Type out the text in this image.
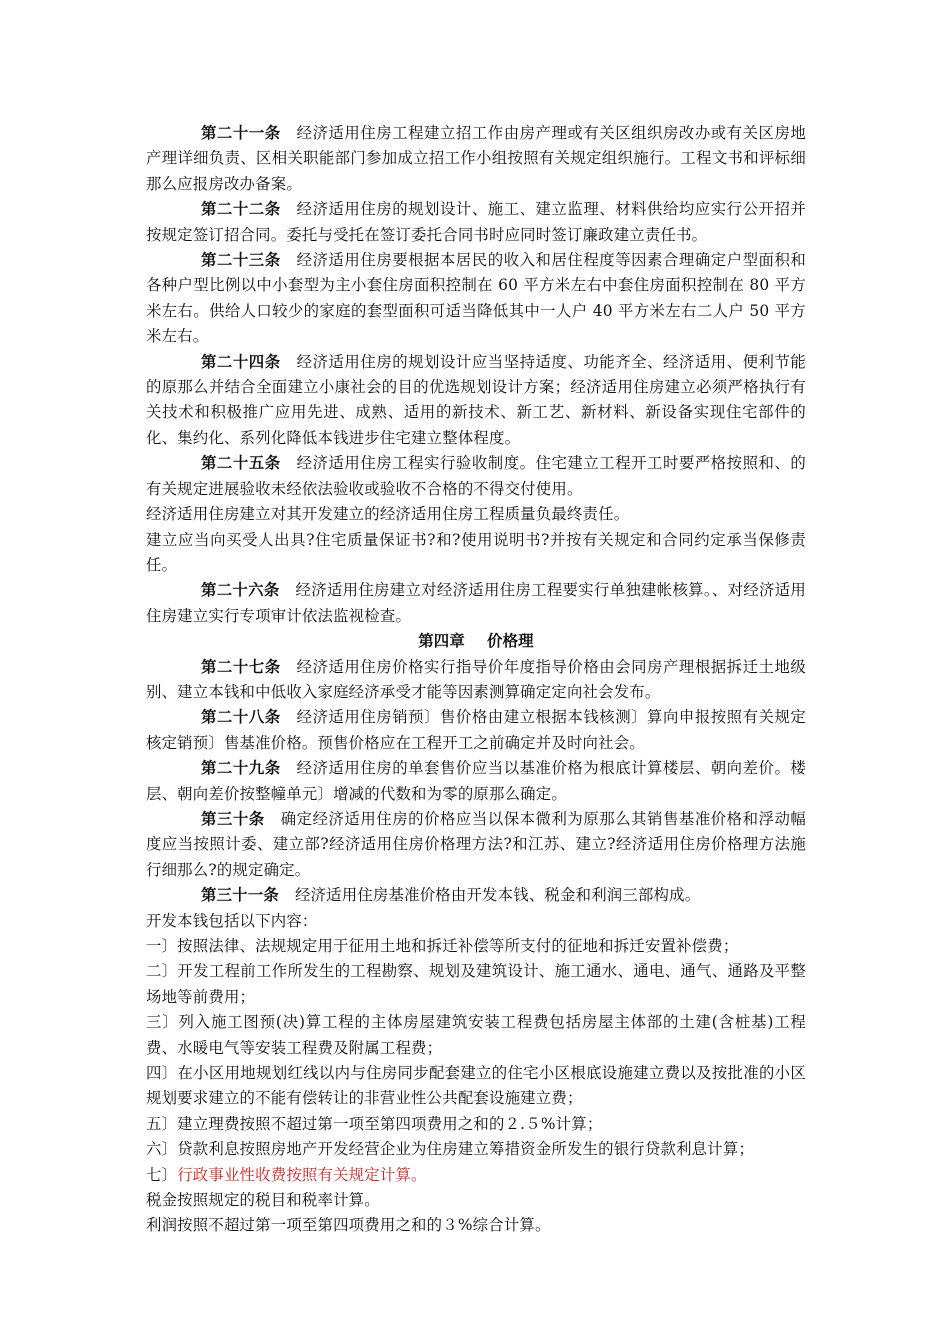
第二十一条 经济适用住房工程建立招工作由房产理或有关区组织房改办或有关区房地产理详细负责、区相关职能部门参加成立招工作小组按照有关规定组织施行。工程文书和评标细那么应报房改办备案。

第二十二条 经济适用住房的规划设计、施工、建立监理、材料供给均应实行公开招并按规定签订招合同。委托与受托在签订委托合同书时应同时签订廉政建立责任书。

第二十三条 经济适用住房要根据本居民的收入和居住程度等因素合理确定户型面积和各种户型比例以中小套型为主小套住房面积控制在 60 平方米左右中套住房面积控制在 80 平方米左右。供给人口较少的家庭的套型面积可适当降低其中一人户 40 平方米左右二人户 50 平方米左右。

第二十四条 经济适用住房的规划设计应当坚持适度、功能齐全、经济适用、便利节能的原那么并结合全面建立小康社会的目的优选规划设计方案；经济适用住房建立必须严格执行有关技术和积极推广应用先进、成熟、适用的新技术、新工艺、新材料、新设备实现住宅部件的化、集约化、系列化降低本钱进步住宅建立整体程度。

第二十五条 经济适用住房工程实行验收制度。住宅建立工程开工时要严格按照和、的有关规定进展验收未经依法验收或验收不合格的不得交付使用。

经济适用住房建立对其开发建立的经济适用住房工程质量负最终责任。

建立应当向买受人出具?住宅质量保证书?和?使用说明书?并按有关规定和合同约定承当保修责任。

第二十六条 经济适用住房建立对经济适用住房工程要实行单独建帐核算。、对经济适用住房建立实行专项审计依法监视检查。

第四章 价格理

第二十七条 经济适用住房价格实行指导价年度指导价格由会同房产理根据拆迁土地级别、建立本钱和中低收入家庭经济承受才能等因素测算确定定向社会发布。

第二十八条 经济适用住房销预〕售价格由建立根据本钱核测〕算向申报按照有关规定核定销预〕售基准价格。预售价格应在工程开工之前确定并及时向社会。

第二十九条 经济适用住房的单套售价应当以基准价格为根底计算楼层、朝向差价。楼层、朝向差价按整幢单元〕增减的代数和为零的原那么确定。

第三十条 确定经济适用住房的价格应当以保本微利为原那么其销售基准价格和浮动幅度应当按照计委、建立部?经济适用住房价格理方法?和江苏、建立?经济适用住房价格理方法施行细那么?的规定确定。

第三十一条 经济适用住房基准价格由开发本钱、税金和利润三部构成。

开发本钱包括以下内容：

一〕按照法律、法规规定用于征用土地和拆迁补偿等所支付的征地和拆迁安置补偿费；

二〕开发工程前工作所发生的工程勘察、规划及建筑设计、施工通水、通电、通气、通路及平整场地等前费用；

三〕列入施工图预(决)算工程的主体房屋建筑安装工程费包括房屋主体部的土建(含桩基)工程费、水暖电气等安装工程费及附属工程费；

四〕在小区用地规划红线以内与住房同步配套建立的住宅小区根底设施建立费以及按批准的小区规划要求建立的不能有偿转让的非营业性公共配套设施建立费；

五〕建立理费按照不超过第一项至第四项费用之和的２.５%计算；

六〕贷款利息按照房地产开发经营企业为住房建立筹措资金所发生的银行贷款利息计算；

七〕行政事业性收费按照有关规定计算。

税金按照规定的税目和税率计算。

利润按照不超过第一项至第四项费用之和的３%综合计算。
